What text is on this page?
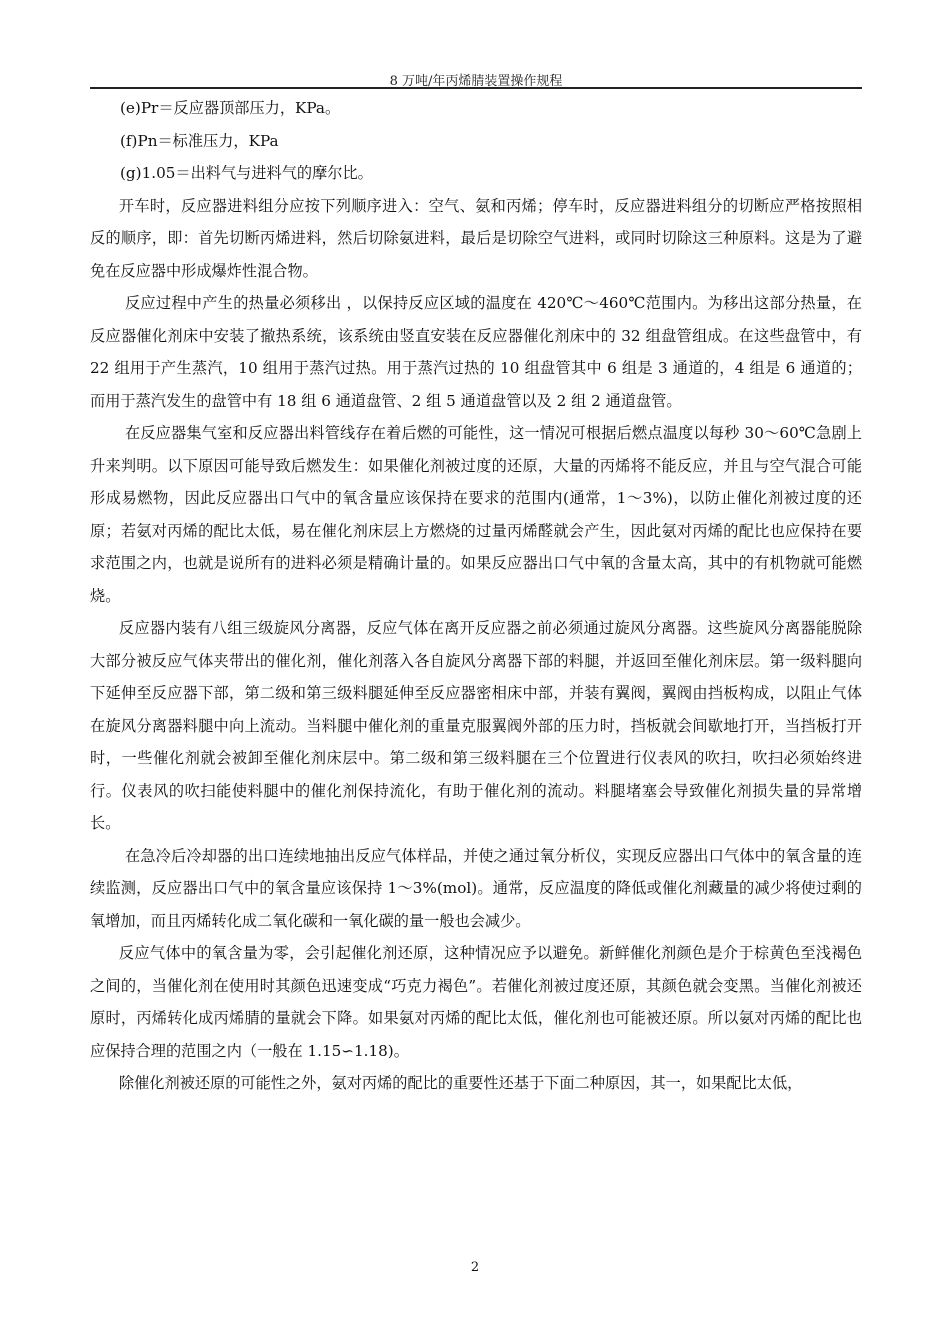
8 万吨/年丙烯腈装置操作规程

(e)Pr＝反应器顶部压力，KPa。

(f)Pn＝标准压力，KPa

(g)1.05＝出料气与进料气的摩尔比。

开车时，反应器进料组分应按下列顺序进入：空气、氨和丙烯；停车时，反应器进料组分的切断应严格按照相反的顺序，即：首先切断丙烯进料，然后切除氨进料，最后是切除空气进料，或同时切除这三种原料。这是为了避免在反应器中形成爆炸性混合物。

反应过程中产生的热量必须移出 ，以保持反应区域的温度在 420℃～460℃范围内。为移出这部分热量，在反应器催化剂床中安装了撤热系统，该系统由竖直安装在反应器催化剂床中的 32 组盘管组成。在这些盘管中，有 22 组用于产生蒸汽，10 组用于蒸汽过热。用于蒸汽过热的 10 组盘管其中 6 组是 3 通道的，4 组是 6 通道的；而用于蒸汽发生的盘管中有 18 组 6 通道盘管、2 组 5 通道盘管以及 2 组 2 通道盘管。

在反应器集气室和反应器出料管线存在着后燃的可能性，这一情况可根据后燃点温度以每秒 30～60℃急剧上升来判明。以下原因可能导致后燃发生：如果催化剂被过度的还原，大量的丙烯将不能反应，并且与空气混合可能形成易燃物，因此反应器出口气中的氧含量应该保持在要求的范围内(通常，1～3%)，以防止催化剂被过度的还原；若氨对丙烯的配比太低，易在催化剂床层上方燃烧的过量丙烯醛就会产生，因此氨对丙烯的配比也应保持在要求范围之内，也就是说所有的进料必须是精确计量的。如果反应器出口气中氧的含量太高，其中的有机物就可能燃烧。

反应器内装有八组三级旋风分离器，反应气体在离开反应器之前必须通过旋风分离器。这些旋风分离器能脱除大部分被反应气体夹带出的催化剂，催化剂落入各自旋风分离器下部的料腿，并返回至催化剂床层。第一级料腿向下延伸至反应器下部，第二级和第三级料腿延伸至反应器密相床中部，并装有翼阀，翼阀由挡板构成，以阻止气体在旋风分离器料腿中向上流动。当料腿中催化剂的重量克服翼阀外部的压力时，挡板就会间歇地打开，当挡板打开时，一些催化剂就会被卸至催化剂床层中。第二级和第三级料腿在三个位置进行仪表风的吹扫，吹扫必须始终进行。仪表风的吹扫能使料腿中的催化剂保持流化，有助于催化剂的流动。料腿堵塞会导致催化剂损失量的异常增长。

在急冷后冷却器的出口连续地抽出反应气体样品，并使之通过氧分析仪，实现反应器出口气体中的氧含量的连续监测，反应器出口气中的氧含量应该保持 1～3%(mol)。通常，反应温度的降低或催化剂藏量的减少将使过剩的氧增加，而且丙烯转化成二氧化碳和一氧化碳的量一般也会减少。

反应气体中的氧含量为零，会引起催化剂还原，这种情况应予以避免。新鲜催化剂颜色是介于棕黄色至浅褐色之间的，当催化剂在使用时其颜色迅速变成“巧克力褐色”。若催化剂被过度还原，其颜色就会变黑。当催化剂被还原时，丙烯转化成丙烯腈的量就会下降。如果氨对丙烯的配比太低，催化剂也可能被还原。所以氨对丙烯的配比也应保持合理的范围之内（一般在 1.15∽1.18)。

除催化剂被还原的可能性之外，氨对丙烯的配比的重要性还基于下面二种原因，其一，如果配比太低，

2
